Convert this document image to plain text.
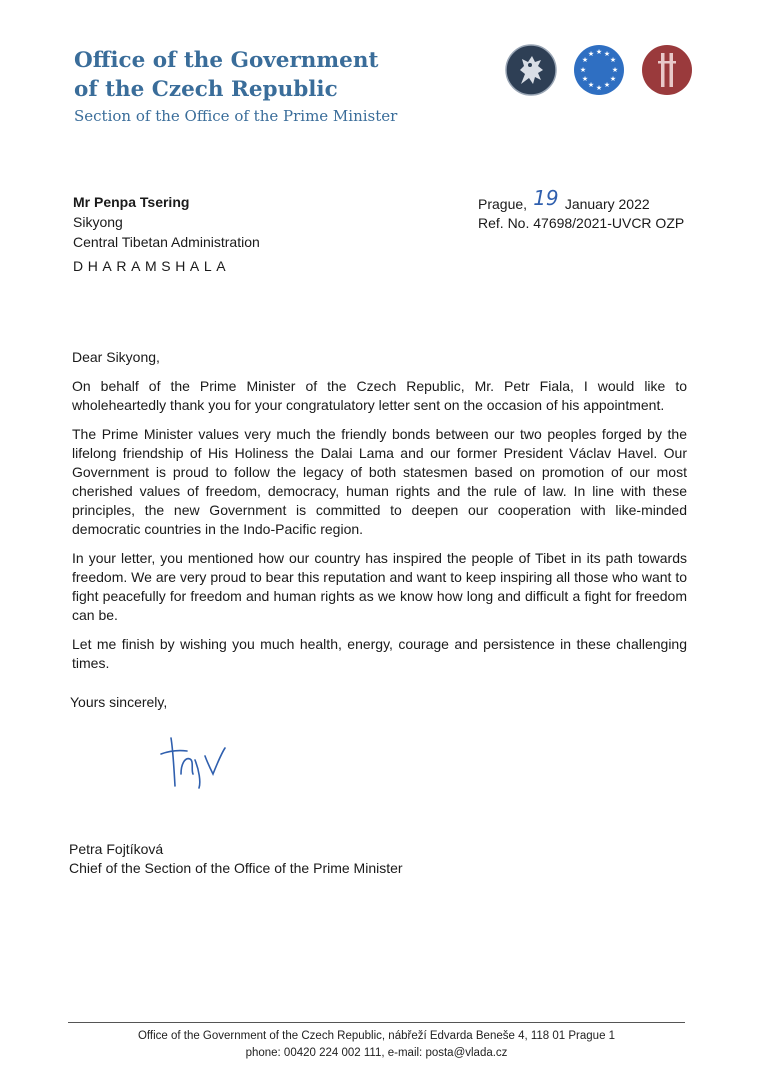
Office of the Government
of the Czech Republic
Section of the Office of the Prime Minister
★ ★
★
★
★
★
★
★
★
★
★
★
Mr Penpa Tsering
Sikyong
Central Tibetan Administration
DHARAMSHALA
Prague, 19 January 2022
Ref. No. 47698/2021-UVCR OZP

Dear Sikyong,

On behalf of the Prime Minister of the Czech Republic, Mr. Petr Fiala, I would like to wholeheartedly thank you for your congratulatory letter sent on the occasion of his appointment.

The Prime Minister values very much the friendly bonds between our two peoples forged by the lifelong friendship of His Holiness the Dalai Lama and our former President Václav Havel. Our Government is proud to follow the legacy of both statesmen based on promotion of our most cherished values of freedom, democracy, human rights and the rule of law. In line with these principles, the new Government is committed to deepen our cooperation with like-minded democratic countries in the Indo-Pacific region.

In your letter, you mentioned how our country has inspired the people of Tibet in its path towards freedom. We are very proud to bear this reputation and want to keep inspiring all those who want to fight peacefully for freedom and human rights as we know how long and difficult a fight for freedom can be.

Let me finish by wishing you much health, energy, courage and persistence in these challenging times.

Yours sincerely,
Petra Fojtíková
Chief of the Section of the Office of the Prime Minister
Office of the Government of the Czech Republic, nábřeží Edvarda Beneše 4, 118 01 Prague 1
phone: 00420 224 002 111, e-mail: posta@vlada.cz
